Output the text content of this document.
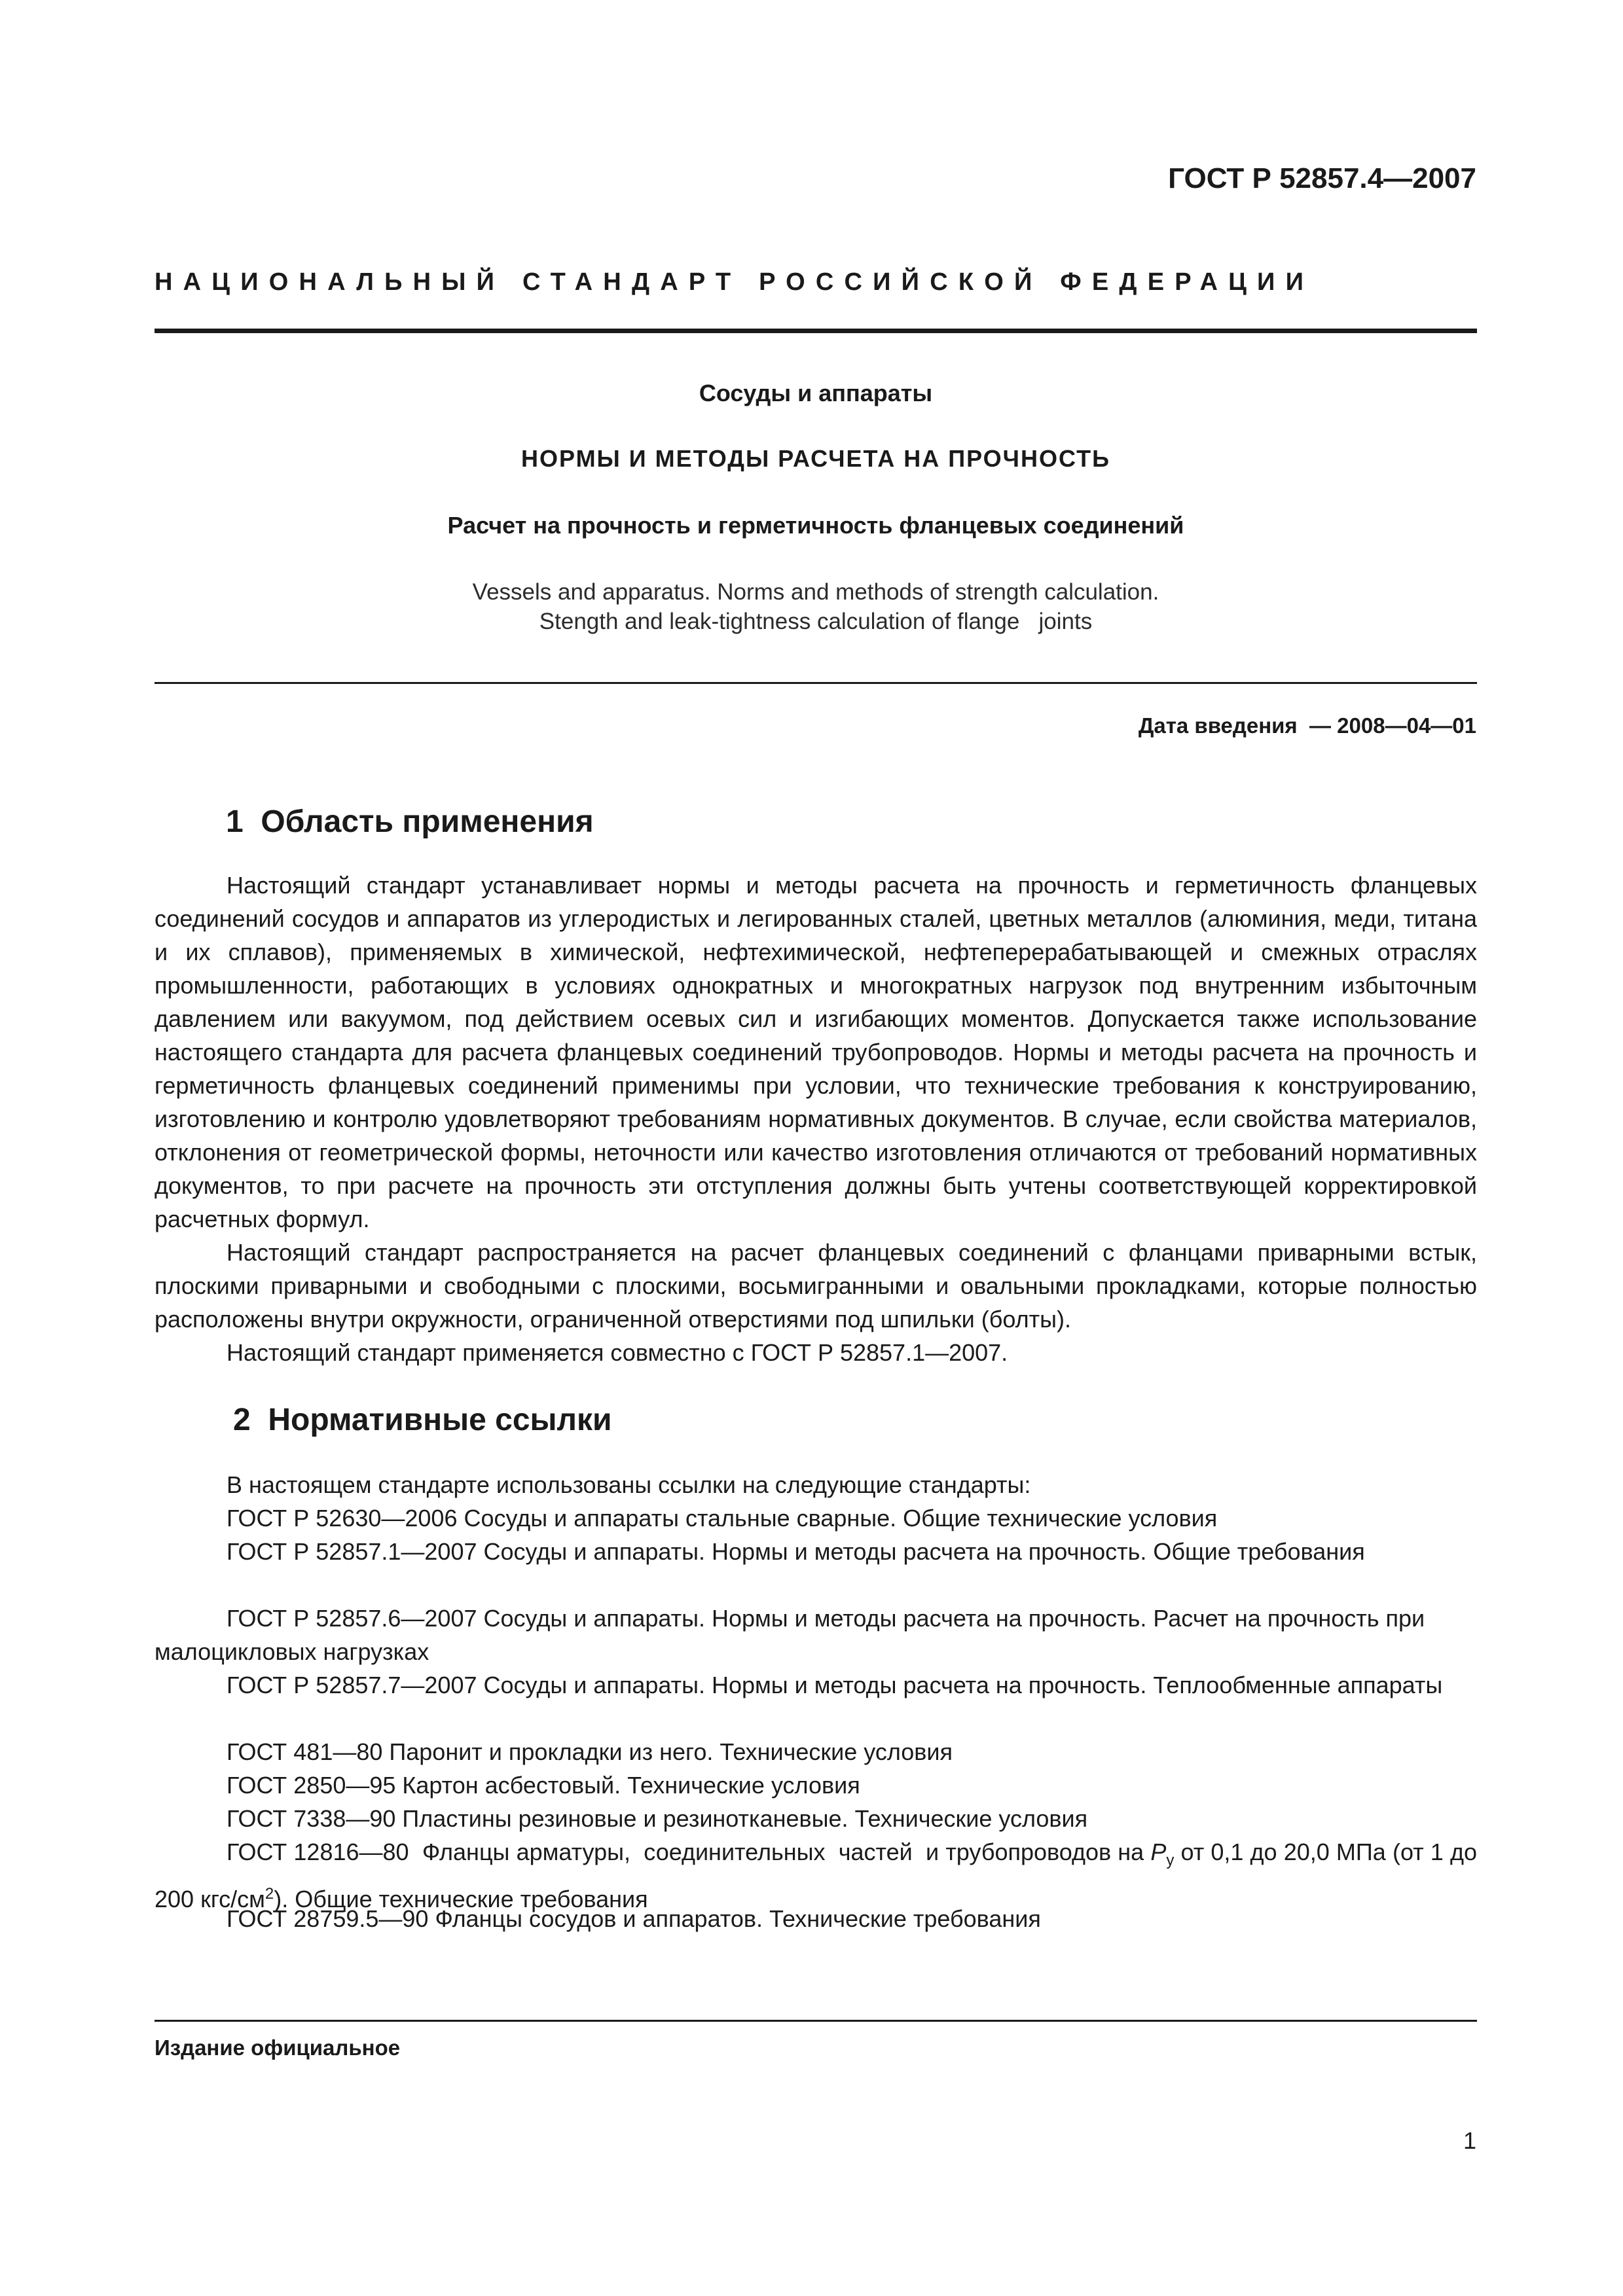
ГОСТ Р 52857.4—2007
НАЦИОНАЛЬНЫЙ СТАНДАРТ РОССИЙСКОЙ ФЕДЕРАЦИИ
Сосуды и аппараты
НОРМЫ И МЕТОДЫ РАСЧЕТА НА ПРОЧНОСТЬ
Расчет на прочность и герметичность фланцевых соединений
Vessels and apparatus. Norms and methods of strength calculation.
Stength and leak-tightness calculation of flange   joints
Дата введения  — 2008—04—01
1  Область применения

Настоящий стандарт устанавливает нормы и методы расчета на прочность и герметичность фланцевых соединений сосудов и аппаратов из углеродистых и легированных сталей, цветных металлов (алюминия, меди, титана и их сплавов), применяемых в химической, нефтехимической, нефтеперерабатывающей и смежных отраслях промышленности, работающих в условиях однократных и многократных нагрузок под внутренним избыточным давлением или вакуумом, под действием осевых сил и изгибающих моментов. Допускается также использование настоящего стандарта для расчета фланцевых соединений трубопроводов. Нормы и методы расчета на прочность и герметичность фланцевых соединений применимы при условии, что технические требования к конструированию, изготовлению и контролю удовлетворяют требованиям нормативных документов. В случае, если свойства материалов, отклонения от геометрической формы, неточности или качество изготовления отличаются от требований нормативных документов, то при расчете на прочность эти отступления должны быть учтены соответствующей корректировкой расчетных формул.

Настоящий стандарт распространяется на расчет фланцевых соединений с фланцами приварными встык, плоскими приварными и свободными с плоскими, восьмигранными и овальными прокладками, которые полностью расположены внутри окружности, ограниченной отверстиями под шпильки (болты).

Настоящий стандарт применяется совместно с ГОСТ Р 52857.1—2007.

2  Нормативные ссылки

В настоящем стандарте использованы ссылки на следующие стандарты:

ГОСТ Р 52630—2006 Сосуды и аппараты стальные сварные. Общие технические условия

ГОСТ Р 52857.1—2007 Сосуды и аппараты. Нормы и методы расчета на прочность. Общие требования

ГОСТ Р 52857.6—2007 Сосуды и аппараты. Нормы и методы расчета на прочность. Расчет на прочность при малоцикловых нагрузках

ГОСТ Р 52857.7—2007 Сосуды и аппараты. Нормы и методы расчета на прочность. Теплообменные аппараты

ГОСТ 481—80 Паронит и прокладки из него. Технические условия

ГОСТ 2850—95 Картон асбестовый. Технические условия

ГОСТ 7338—90 Пластины резиновые и резинотканевые. Технические условия

ГОСТ 12816—80  Фланцы арматуры,  соединительных  частей  и трубопроводов на $P_у$ от 0,1 до 20,0 МПа (от 1 до 200 кгс/$см^2$). Общие технические требования

ГОСТ 28759.5—90 Фланцы сосудов и аппаратов. Технические требования

Издание официальное
1
